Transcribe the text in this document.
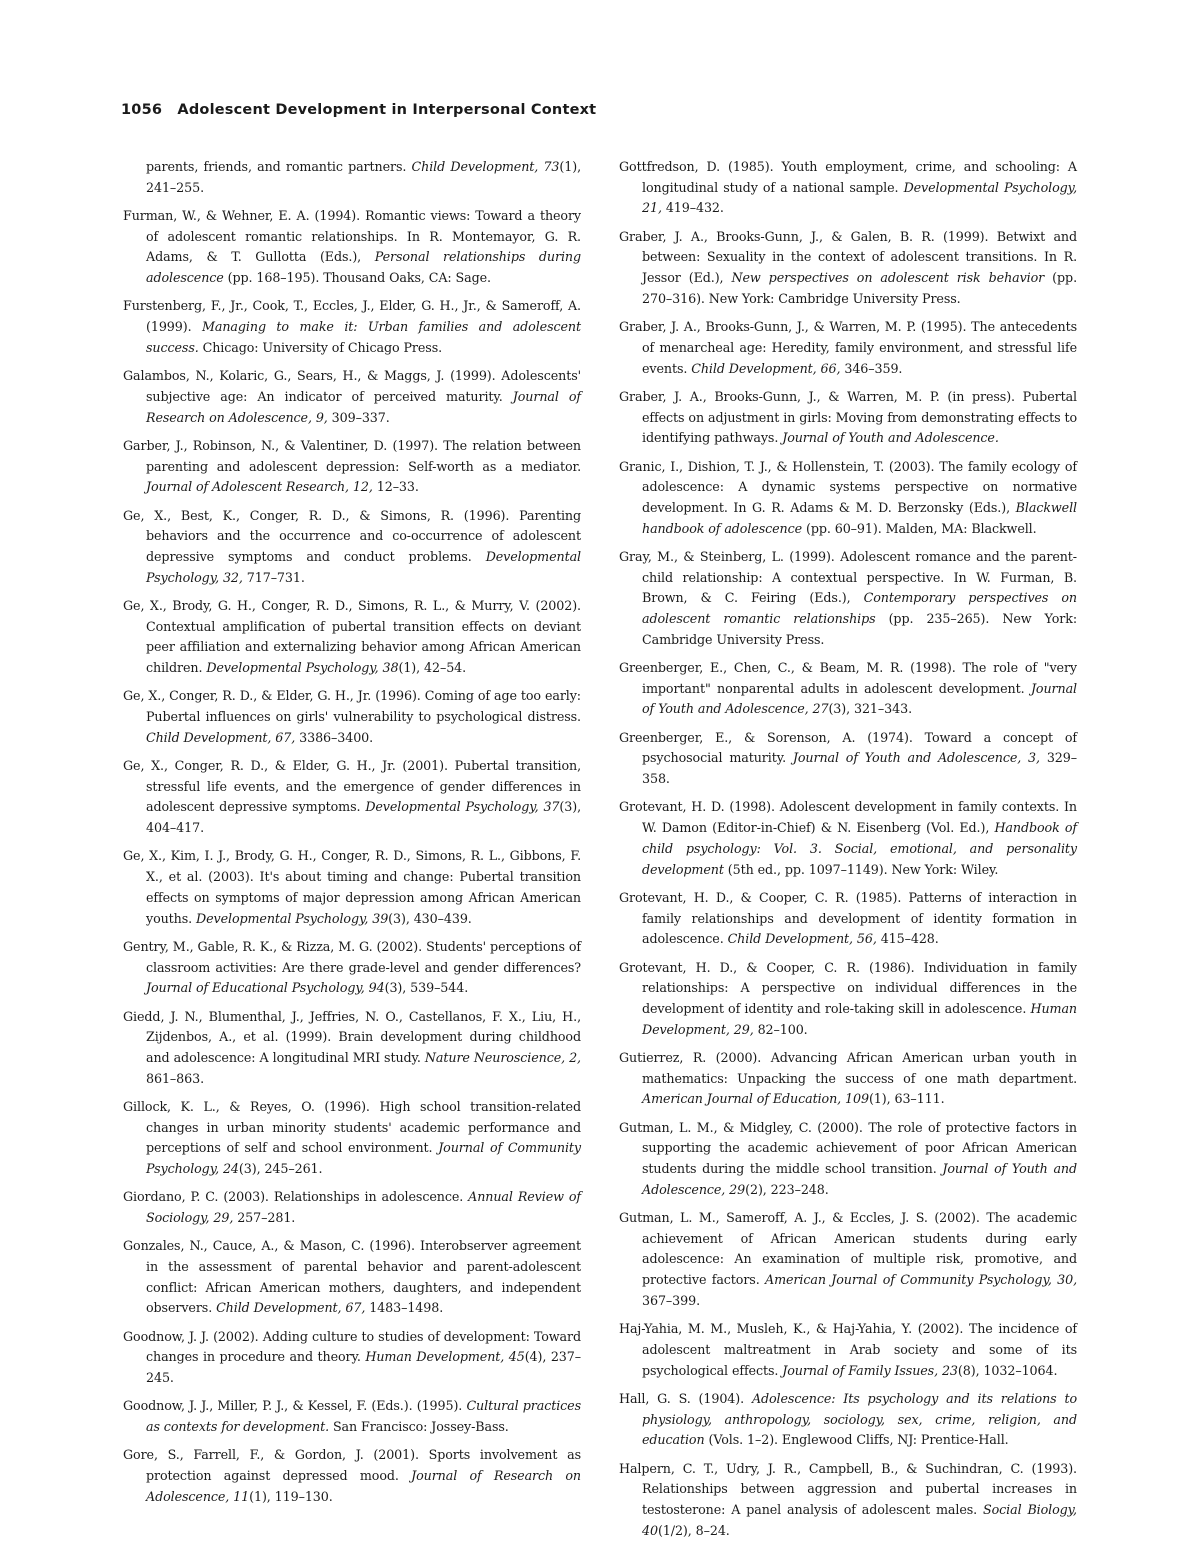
1056 Adolescent Development in Interpersonal Context

parents, friends, and romantic partners. Child Development, 73(1), 241–255.

Furman, W., & Wehner, E. A. (1994). Romantic views: Toward a theory of adolescent romantic relationships. In R. Montemayor, G. R. Adams, & T. Gullotta (Eds.), Personal relationships during adolescence (pp. 168–195). Thousand Oaks, CA: Sage.

Furstenberg, F., Jr., Cook, T., Eccles, J., Elder, G. H., Jr., & Sameroff, A. (1999). Managing to make it: Urban families and adolescent success. Chicago: University of Chicago Press.

Galambos, N., Kolaric, G., Sears, H., & Maggs, J. (1999). Adolescents' subjective age: An indicator of perceived maturity. Journal of Research on Adolescence, 9, 309–337.

Garber, J., Robinson, N., & Valentiner, D. (1997). The relation between parenting and adolescent depression: Self-worth as a mediator. Journal of Adolescent Research, 12, 12–33.

Ge, X., Best, K., Conger, R. D., & Simons, R. (1996). Parenting behaviors and the occurrence and co-occurrence of adolescent depressive symptoms and conduct problems. Developmental Psychology, 32, 717–731.

Ge, X., Brody, G. H., Conger, R. D., Simons, R. L., & Murry, V. (2002). Contextual amplification of pubertal transition effects on deviant peer affiliation and externalizing behavior among African American children. Developmental Psychology, 38(1), 42–54.

Ge, X., Conger, R. D., & Elder, G. H., Jr. (1996). Coming of age too early: Pubertal influences on girls' vulnerability to psychological distress. Child Development, 67, 3386–3400.

Ge, X., Conger, R. D., & Elder, G. H., Jr. (2001). Pubertal transition, stressful life events, and the emergence of gender differences in adolescent depressive symptoms. Developmental Psychology, 37(3), 404–417.

Ge, X., Kim, I. J., Brody, G. H., Conger, R. D., Simons, R. L., Gibbons, F. X., et al. (2003). It's about timing and change: Pubertal transition effects on symptoms of major depression among African American youths. Developmental Psychology, 39(3), 430–439.

Gentry, M., Gable, R. K., & Rizza, M. G. (2002). Students' perceptions of classroom activities: Are there grade-level and gender differences? Journal of Educational Psychology, 94(3), 539–544.

Giedd, J. N., Blumenthal, J., Jeffries, N. O., Castellanos, F. X., Liu, H., Zijdenbos, A., et al. (1999). Brain development during childhood and adolescence: A longitudinal MRI study. Nature Neuroscience, 2, 861–863.

Gillock, K. L., & Reyes, O. (1996). High school transition-related changes in urban minority students' academic performance and perceptions of self and school environment. Journal of Community Psychology, 24(3), 245–261.

Giordano, P. C. (2003). Relationships in adolescence. Annual Review of Sociology, 29, 257–281.

Gonzales, N., Cauce, A., & Mason, C. (1996). Interobserver agreement in the assessment of parental behavior and parent-adolescent conflict: African American mothers, daughters, and independent observers. Child Development, 67, 1483–1498.

Goodnow, J. J. (2002). Adding culture to studies of development: Toward changes in procedure and theory. Human Development, 45(4), 237–245.

Goodnow, J. J., Miller, P. J., & Kessel, F. (Eds.). (1995). Cultural practices as contexts for development. San Francisco: Jossey-Bass.

Gore, S., Farrell, F., & Gordon, J. (2001). Sports involvement as protection against depressed mood. Journal of Research on Adolescence, 11(1), 119–130.

Gottfredson, D. (1985). Youth employment, crime, and schooling: A longitudinal study of a national sample. Developmental Psychology, 21, 419–432.

Graber, J. A., Brooks-Gunn, J., & Galen, B. R. (1999). Betwixt and between: Sexuality in the context of adolescent transitions. In R. Jessor (Ed.), New perspectives on adolescent risk behavior (pp. 270–316). New York: Cambridge University Press.

Graber, J. A., Brooks-Gunn, J., & Warren, M. P. (1995). The antecedents of menarcheal age: Heredity, family environment, and stressful life events. Child Development, 66, 346–359.

Graber, J. A., Brooks-Gunn, J., & Warren, M. P. (in press). Pubertal effects on adjustment in girls: Moving from demonstrating effects to identifying pathways. Journal of Youth and Adolescence.

Granic, I., Dishion, T. J., & Hollenstein, T. (2003). The family ecology of adolescence: A dynamic systems perspective on normative development. In G. R. Adams & M. D. Berzonsky (Eds.), Blackwell handbook of adolescence (pp. 60–91). Malden, MA: Blackwell.

Gray, M., & Steinberg, L. (1999). Adolescent romance and the parent-child relationship: A contextual perspective. In W. Furman, B. Brown, & C. Feiring (Eds.), Contemporary perspectives on adolescent romantic relationships (pp. 235–265). New York: Cambridge University Press.

Greenberger, E., Chen, C., & Beam, M. R. (1998). The role of "very important" nonparental adults in adolescent development. Journal of Youth and Adolescence, 27(3), 321–343.

Greenberger, E., & Sorenson, A. (1974). Toward a concept of psychosocial maturity. Journal of Youth and Adolescence, 3, 329–358.

Grotevant, H. D. (1998). Adolescent development in family contexts. In W. Damon (Editor-in-Chief) & N. Eisenberg (Vol. Ed.), Handbook of child psychology: Vol. 3. Social, emotional, and personality development (5th ed., pp. 1097–1149). New York: Wiley.

Grotevant, H. D., & Cooper, C. R. (1985). Patterns of interaction in family relationships and development of identity formation in adolescence. Child Development, 56, 415–428.

Grotevant, H. D., & Cooper, C. R. (1986). Individuation in family relationships: A perspective on individual differences in the development of identity and role-taking skill in adolescence. Human Development, 29, 82–100.

Gutierrez, R. (2000). Advancing African American urban youth in mathematics: Unpacking the success of one math department. American Journal of Education, 109(1), 63–111.

Gutman, L. M., & Midgley, C. (2000). The role of protective factors in supporting the academic achievement of poor African American students during the middle school transition. Journal of Youth and Adolescence, 29(2), 223–248.

Gutman, L. M., Sameroff, A. J., & Eccles, J. S. (2002). The academic achievement of African American students during early adolescence: An examination of multiple risk, promotive, and protective factors. American Journal of Community Psychology, 30, 367–399.

Haj-Yahia, M. M., Musleh, K., & Haj-Yahia, Y. (2002). The incidence of adolescent maltreatment in Arab society and some of its psychological effects. Journal of Family Issues, 23(8), 1032–1064.

Hall, G. S. (1904). Adolescence: Its psychology and its relations to physiology, anthropology, sociology, sex, crime, religion, and education (Vols. 1–2). Englewood Cliffs, NJ: Prentice-Hall.

Halpern, C. T., Udry, J. R., Campbell, B., & Suchindran, C. (1993). Relationships between aggression and pubertal increases in testosterone: A panel analysis of adolescent males. Social Biology, 40(1/2), 8–24.
